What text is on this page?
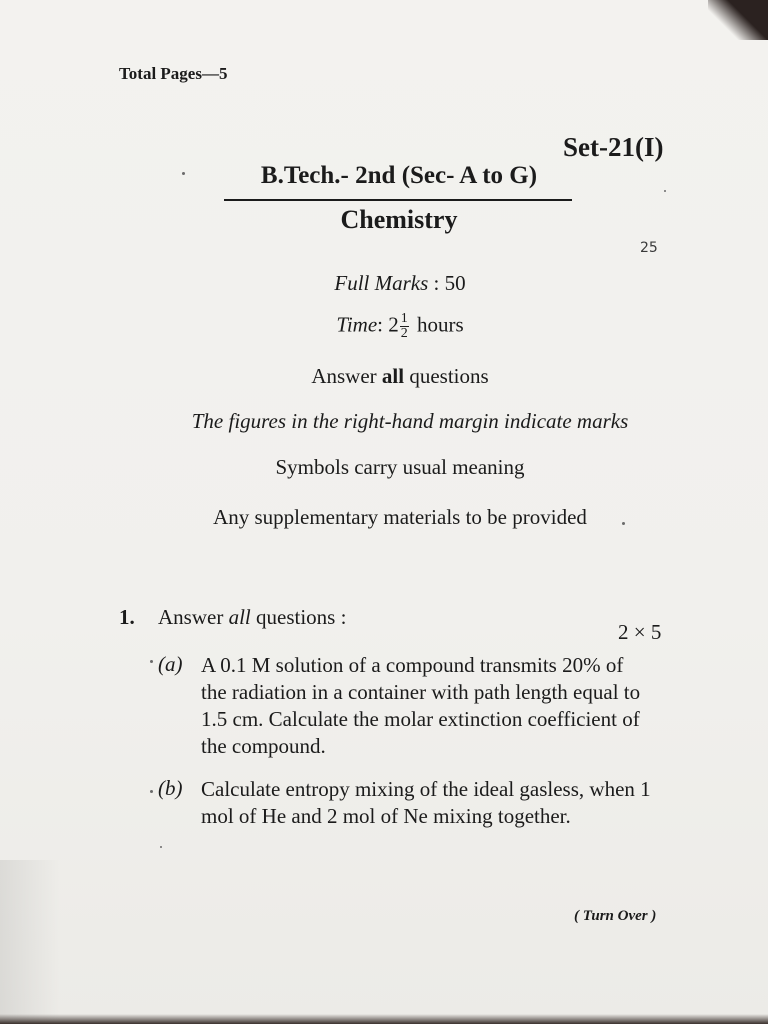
Total Pages—5
Set-21(I)
B.Tech.- 2nd (Sec- A to G)
Chemistry
25
Full Marks : 50
Time: $2 \frac{1}{2}$ hours
Answer all questions
The figures in the right-hand margin indicate marks
Symbols carry usual meaning
Any supplementary materials to be provided
1. Answer all questions :
2 × 5
(a) A 0.1 M solution of a compound transmits 20% of the radiation in a container with path length equal to 1.5 cm. Calculate the molar extinction coefficient of the compound.
(b) Calculate entropy mixing of the ideal gasless, when 1 mol of He and 2 mol of Ne mixing together.
( Turn Over )
